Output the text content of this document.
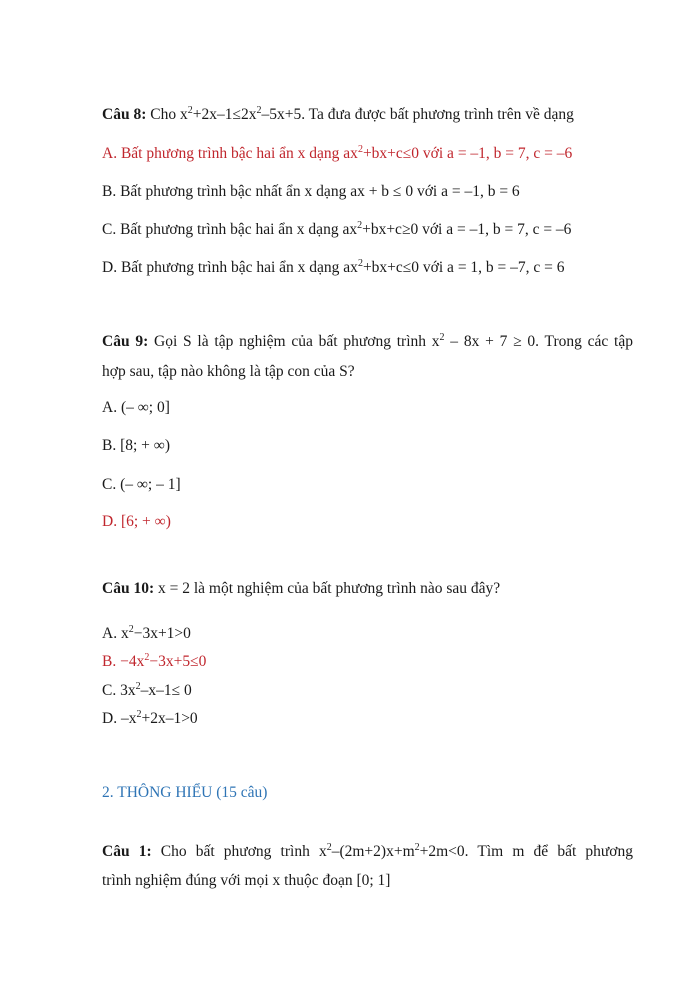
Câu 8: Cho $x^2+2x-1\le 2x^2-5x+5$. Ta đưa được bất phương trình trên về dạng
A. Bất phương trình bậc hai ẩn x dạng $ax^2+bx+c\le 0$ với a = –1, b = 7, c = –6
B. Bất phương trình bậc nhất ẩn x dạng ax + b ≤ 0 với a = –1, b = 6
C. Bất phương trình bậc hai ẩn x dạng $ax^2+bx+c\ge 0$ với a = –1, b = 7, c = –6
D. Bất phương trình bậc hai ẩn x dạng $ax^2+bx+c\le 0$ với a = 1, b = –7, c = 6
Câu 9: Gọi S là tập nghiệm của bất phương trình $x^2 - 8x + 7 \ge 0$. Trong các tập
hợp sau, tập nào không là tập con của S?
A. (– ∞; 0]
B. [8; + ∞)
C. (– ∞; – 1]
D. [6; + ∞)
Câu 10: x = 2 là một nghiệm của bất phương trình nào sau đây?
A. $x^2-3x+1>0$
B. $-4x^2-3x+5\le 0$
C. $3x^2-x-1\le 0$
D. $-x^2+2x-1>0$
2. THÔNG HIỂU (15 câu)
Câu 1: Cho bất phương trình $x^2-(2m+2)x+m^2+2m<0$. Tìm m để bất phương
trình nghiệm đúng với mọi x thuộc đoạn [0; 1]
